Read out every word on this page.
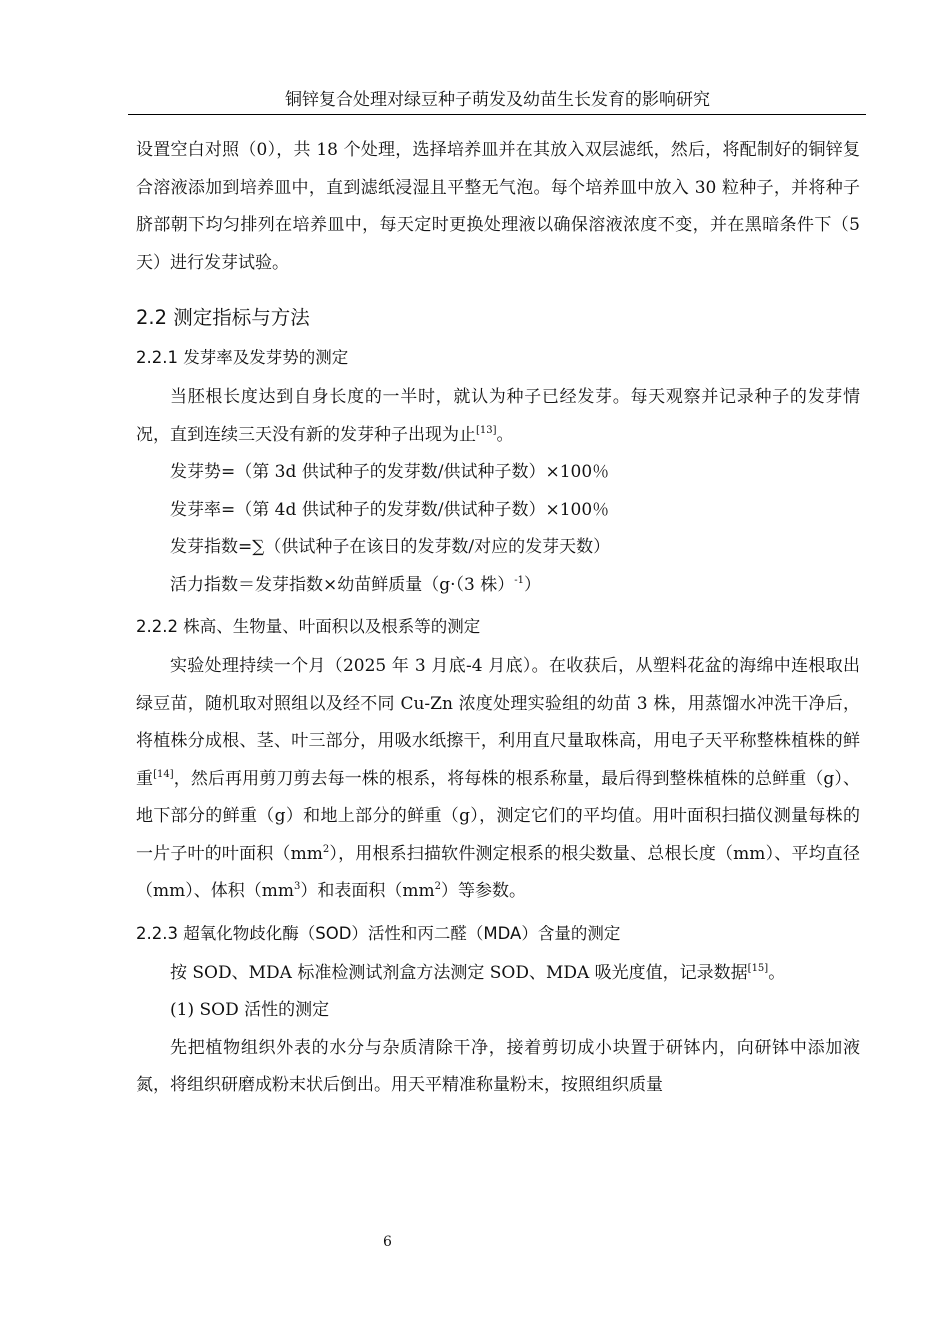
铜锌复合处理对绿豆种子萌发及幼苗生长发育的影响研究

设置空白对照（0），共 18 个处理，选择培养皿并在其放入双层滤纸，然后，将配制好的铜锌复合溶液添加到培养皿中，直到滤纸浸湿且平整无气泡。每个培养皿中放入 30 粒种子，并将种子脐部朝下均匀排列在培养皿中，每天定时更换处理液以确保溶液浓度不变，并在黑暗条件下（5 天）进行发芽试验。

2.2 测定指标与方法
2.2.1 发芽率及发芽势的测定

当胚根长度达到自身长度的一半时，就认为种子已经发芽。每天观察并记录种子的发芽情况，直到连续三天没有新的发芽种子出现为止[13]。

发芽势=（第 3d 供试种子的发芽数/供试种子数）×100％

发芽率=（第 4d 供试种子的发芽数/供试种子数）×100％

发芽指数=∑（供试种子在该日的发芽数/对应的发芽天数）

活力指数＝发芽指数×幼苗鲜质量（g·（3 株）$^{-1}$）

2.2.2 株高、生物量、叶面积以及根系等的测定

实验处理持续一个月（2025 年 3 月底-4 月底）。在收获后，从塑料花盆的海绵中连根取出绿豆苗，随机取对照组以及经不同 Cu-Zn 浓度处理实验组的幼苗 3 株，用蒸馏水冲洗干净后，将植株分成根、茎、叶三部分，用吸水纸擦干，利用直尺量取株高，用电子天平称整株植株的鲜重[14]，然后再用剪刀剪去每一株的根系，将每株的根系称量，最后得到整株植株的总鲜重（g）、地下部分的鲜重（g）和地上部分的鲜重（g），测定它们的平均值。用叶面积扫描仪测量每株的一片子叶的叶面积$(mm^2)$，用根系扫描软件测定根系的根尖数量、总根长度（mm）、平均直径（mm）、体积$(mm^3)$和表面积$(mm^2)$等参数。

2.2.3 超氧化物歧化酶（SOD）活性和丙二醛（MDA）含量的测定

按 SOD、MDA 标准检测试剂盒方法测定 SOD、MDA 吸光度值，记录数据[15]。

(1) SOD 活性的测定

先把植物组织外表的水分与杂质清除干净，接着剪切成小块置于研钵内，向研钵中添加液氮，将组织研磨成粉末状后倒出。用天平精准称量粉末，按照组织质量

6
